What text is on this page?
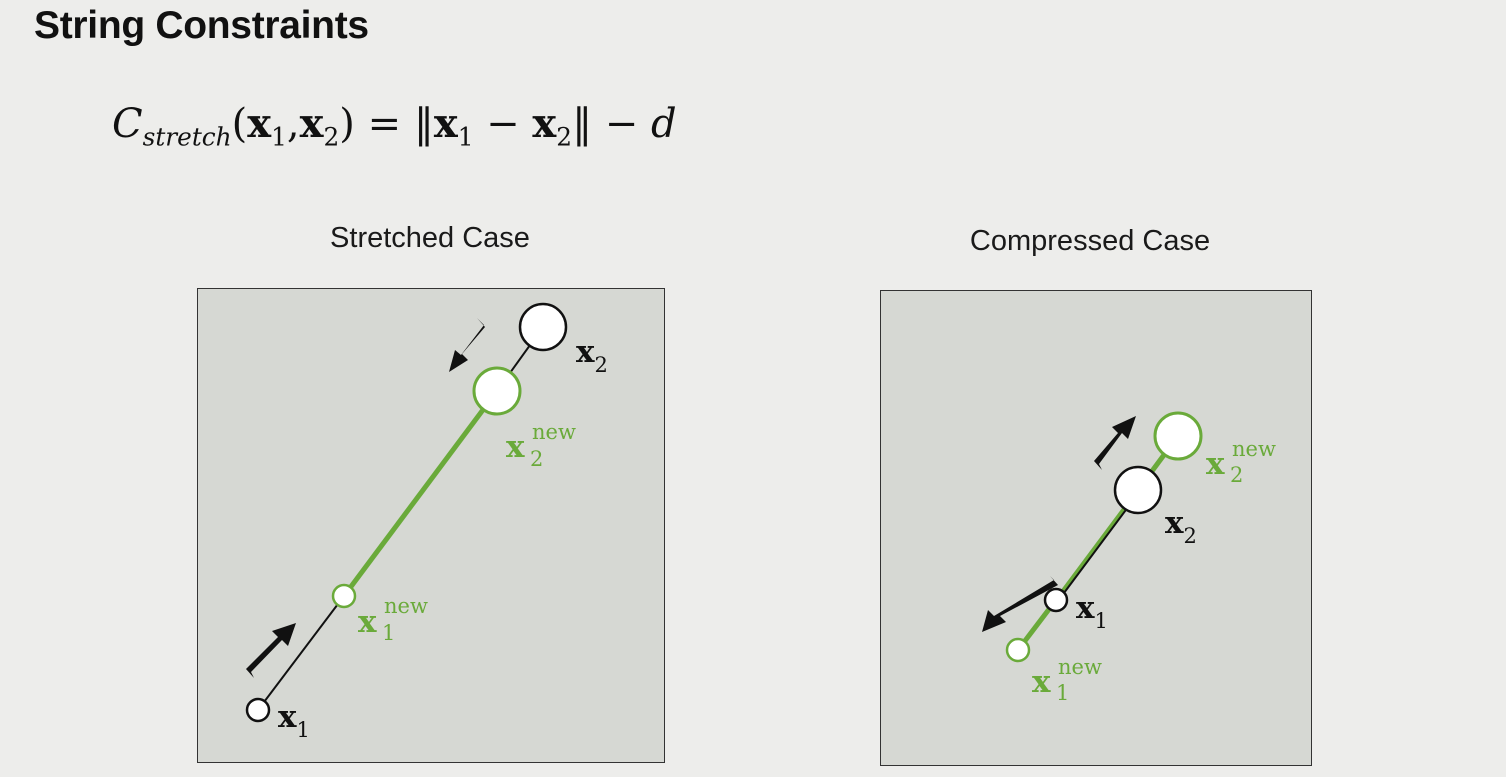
String Constraints
$C_{stretch}(x_1,x_2)$ = $‖x_1$ − $x_2‖ - d$
Stretched Case	Compressed Case
$x_1$
$x_2$
x 1new
x 2new
$x_1$
$x_2$
x 1new
x 2new
